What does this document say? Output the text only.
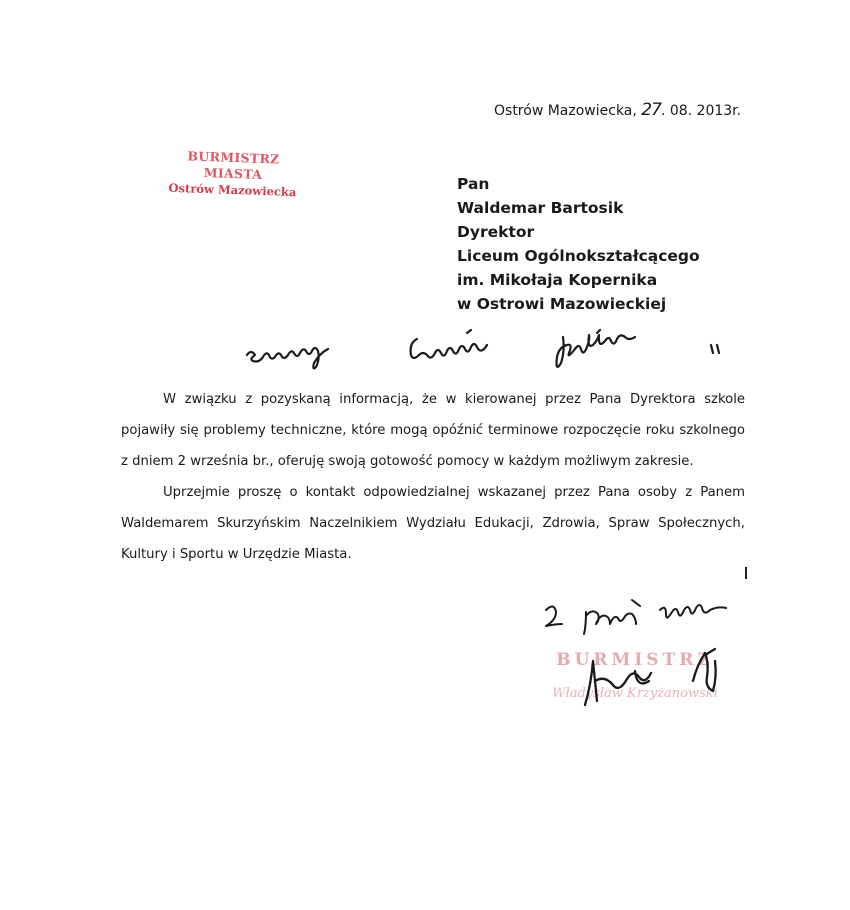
Ostrów Mazowiecka, 27. 08. 2013r.
BURMISTRZ MIASTA
Ostrów Mazowiecka	Pan
Waldemar Bartosik
Dyrektor
Liceum Ogólnokształcącego
im. Mikołaja Kopernika
w Ostrowi Mazowieckiej

W związku z pozyskaną informacją, że w kierowanej przez Pana Dyrektora szkole pojawiły się problemy techniczne, które mogą opóźnić terminowe rozpoczęcie roku szkolnego z dniem 2 września br., oferuję swoją gotowość pomocy w każdym możliwym zakresie.

Uprzejmie proszę o kontakt odpowiedzialnej wskazanej przez Pana osoby z Panem Waldemarem Skurzyńskim Naczelnikiem Wydziału Edukacji, Zdrowia, Spraw Społecznych, Kultury i Sportu w Urzędzie Miasta.

BURMISTRZ
Władysław Krzyżanowski
